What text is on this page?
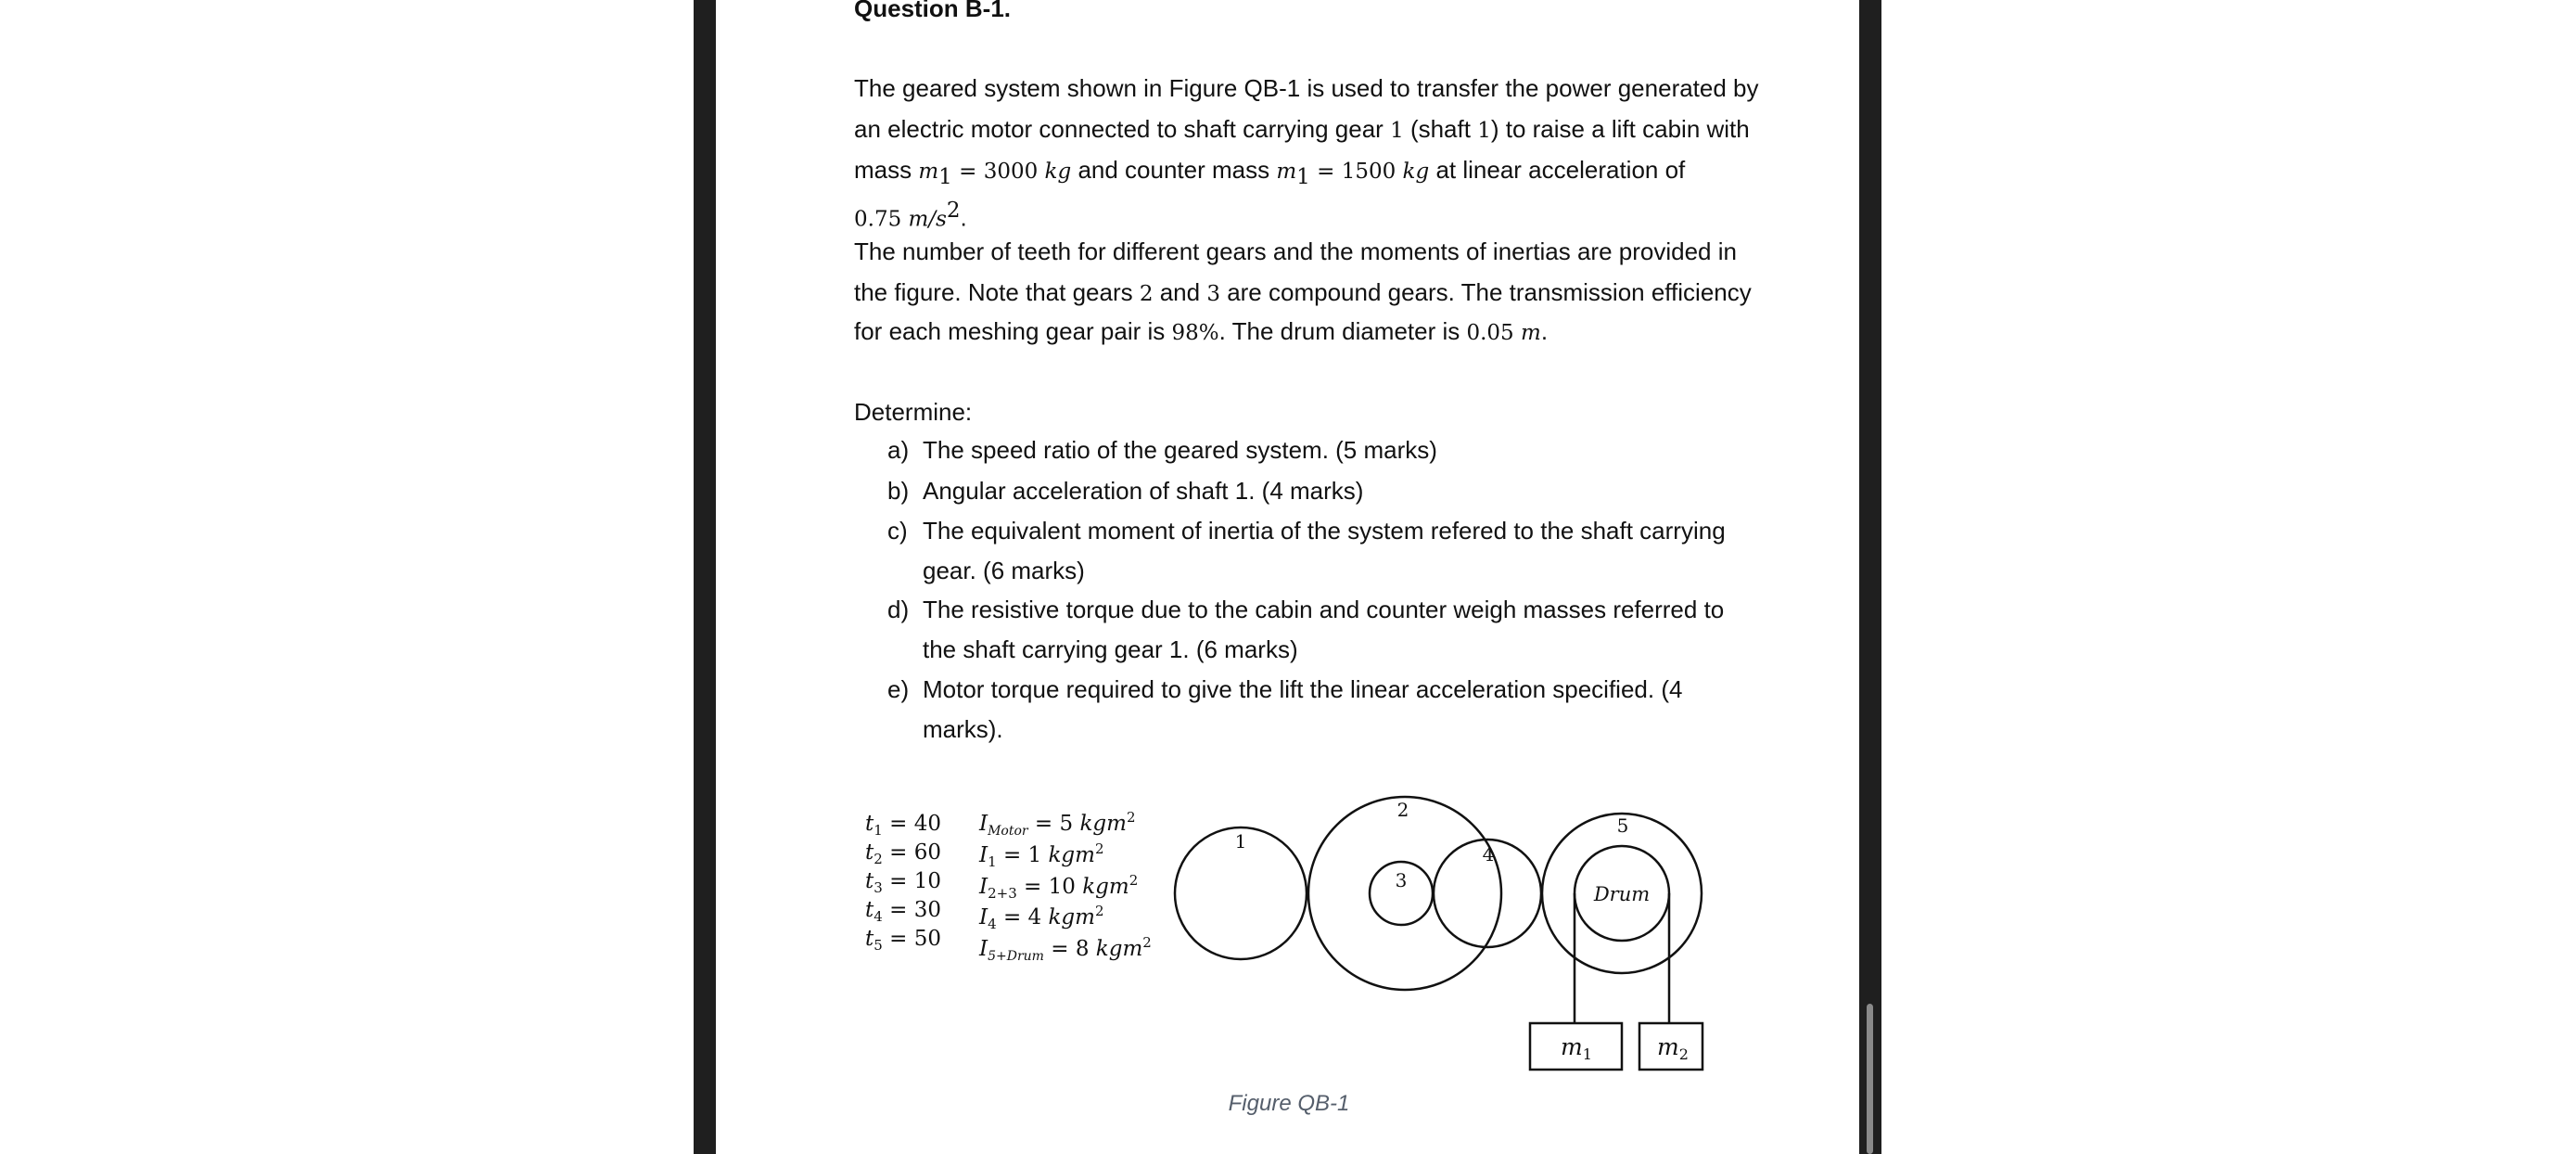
Question B-1.
The geared system shown in Figure QB-1 is used to transfer the power generated by
an electric motor connected to shaft carrying gear 1 (shaft 1) to raise a lift cabin with
mass $m_1 = 3000$ kg and counter mass $m_1 = 1500$ kg at linear acceleration of
0.75 $m/s^2$.
The number of teeth for different gears and the moments of inertias are provided in
the figure. Note that gears 2 and 3 are compound gears. The transmission efficiency
for each meshing gear pair is 98%. The drum diameter is 0.05 m.
Determine:
a) The speed ratio of the geared system. (5 marks)
b) Angular acceleration of shaft 1. (4 marks)
c) The equivalent moment of inertia of the system refered to the shaft carrying
gear. (6 marks)
d) The resistive torque due to the cabin and counter weigh masses referred to
the shaft carrying gear 1. (6 marks)
e) Motor torque required to give the lift the linear acceleration specified. (4
marks).
$t_1 = 40$
$t_2 = 60$
$t_3 = 10$
$t_4 = 30$
$t_5 = 50$
$I_{Motor} = 5$ kgm$^2$
$I_1 = 1$ kgm$^2$
$I_{2+3} = 10$ kgm$^2$
$I_4 = 4$ kgm$^2$
$I_{5+Drum} = 8$ kgm$^2$
1
2
3
4
5
Drum
$m_1$	$m_2$
Figure QB-1
